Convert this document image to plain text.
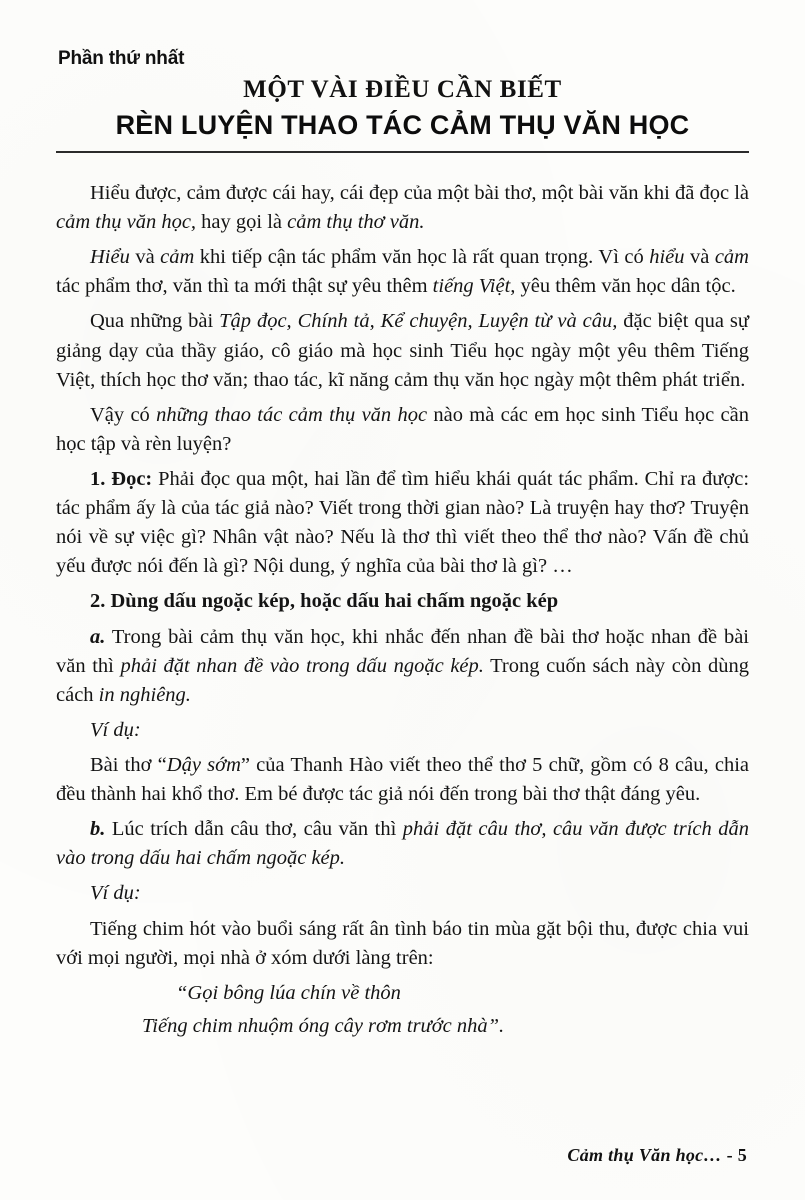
Phần thứ nhất
MỘT VÀI ĐIỀU CẦN BIẾT
RÈN LUYỆN THAO TÁC CẢM THỤ VĂN HỌC

Hiểu được, cảm được cái hay, cái đẹp của một bài thơ, một bài văn khi đã đọc là cảm thụ văn học, hay gọi là cảm thụ thơ văn.

Hiểu và cảm khi tiếp cận tác phẩm văn học là rất quan trọng. Vì có hiểu và cảm tác phẩm thơ, văn thì ta mới thật sự yêu thêm tiếng Việt, yêu thêm văn học dân tộc.

Qua những bài Tập đọc, Chính tả, Kể chuyện, Luyện từ và câu, đặc biệt qua sự giảng dạy của thầy giáo, cô giáo mà học sinh Tiểu học ngày một yêu thêm Tiếng Việt, thích học thơ văn; thao tác, kĩ năng cảm thụ văn học ngày một thêm phát triển.

Vậy có những thao tác cảm thụ văn học nào mà các em học sinh Tiểu học cần học tập và rèn luyện?

1. Đọc: Phải đọc qua một, hai lần để tìm hiểu khái quát tác phẩm. Chỉ ra được: tác phẩm ấy là của tác giả nào? Viết trong thời gian nào? Là truyện hay thơ? Truyện nói về sự việc gì? Nhân vật nào? Nếu là thơ thì viết theo thể thơ nào? Vấn đề chủ yếu được nói đến là gì? Nội dung, ý nghĩa của bài thơ là gì? …

2. Dùng dấu ngoặc kép, hoặc dấu hai chấm ngoặc kép

a. Trong bài cảm thụ văn học, khi nhắc đến nhan đề bài thơ hoặc nhan đề bài văn thì phải đặt nhan đề vào trong dấu ngoặc kép. Trong cuốn sách này còn dùng cách in nghiêng.

Ví dụ:

Bài thơ “Dậy sớm” của Thanh Hào viết theo thể thơ 5 chữ, gồm có 8 câu, chia đều thành hai khổ thơ. Em bé được tác giả nói đến trong bài thơ thật đáng yêu.

b. Lúc trích dẫn câu thơ, câu văn thì phải đặt câu thơ, câu văn được trích dẫn vào trong dấu hai chấm ngoặc kép.

Ví dụ:

Tiếng chim hót vào buổi sáng rất ân tình báo tin mùa gặt bội thu, được chia vui với mọi người, mọi nhà ở xóm dưới làng trên:

“Gọi bông lúa chín về thôn

Tiếng chim nhuộm óng cây rơm trước nhà”.

Cảm thụ Văn học… - 5
